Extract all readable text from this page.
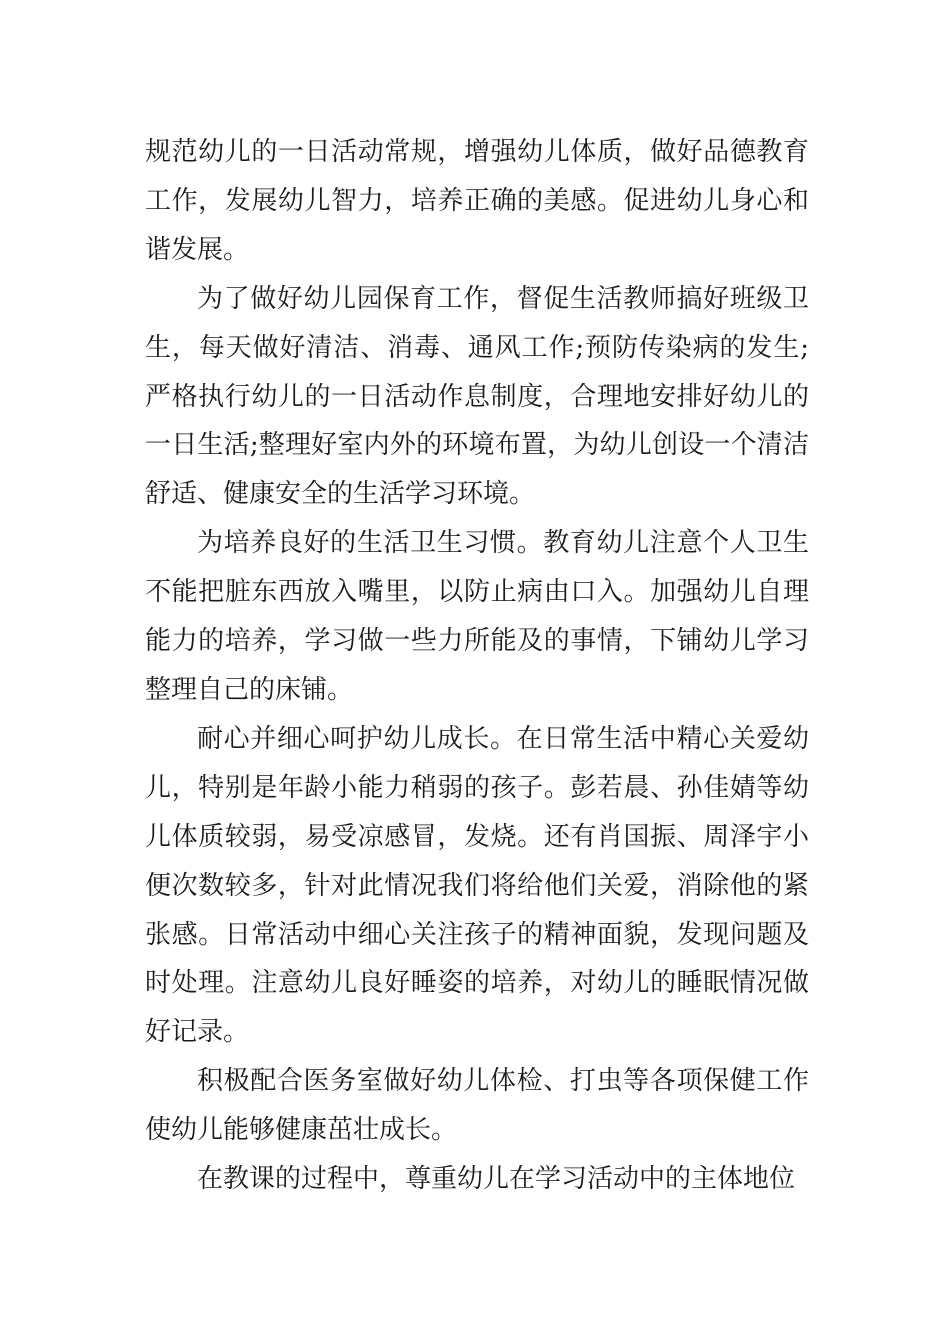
规范幼儿的一日活动常规，增强幼儿体质，做好品德教育工作，发展幼儿智力，培养正确的美感。促进幼儿身心和谐发展。

为了做好幼儿园保育工作，督促生活教师搞好班级卫生，每天做好清洁、消毒、通风工作;预防传染病的发生;严格执行幼儿的一日活动作息制度，合理地安排好幼儿的一日生活;整理好室内外的环境布置，为幼儿创设一个清洁舒适、健康安全的生活学习环境。

为培养良好的生活卫生习惯。教育幼儿注意个人卫生不能把脏东西放入嘴里，以防止病由口入。加强幼儿自理能力的培养，学习做一些力所能及的事情，下铺幼儿学习整理自己的床铺。

耐心并细心呵护幼儿成长。在日常生活中精心关爱幼儿，特别是年龄小能力稍弱的孩子。彭若晨、孙佳婧等幼儿体质较弱，易受凉感冒，发烧。还有肖国振、周泽宇小便次数较多，针对此情况我们将给他们关爱，消除他的紧张感。日常活动中细心关注孩子的精神面貌，发现问题及时处理。注意幼儿良好睡姿的培养，对幼儿的睡眠情况做好记录。

积极配合医务室做好幼儿体检、打虫等各项保健工作使幼儿能够健康茁壮成长。

在教课的过程中，尊重幼儿在学习活动中的主体地位
